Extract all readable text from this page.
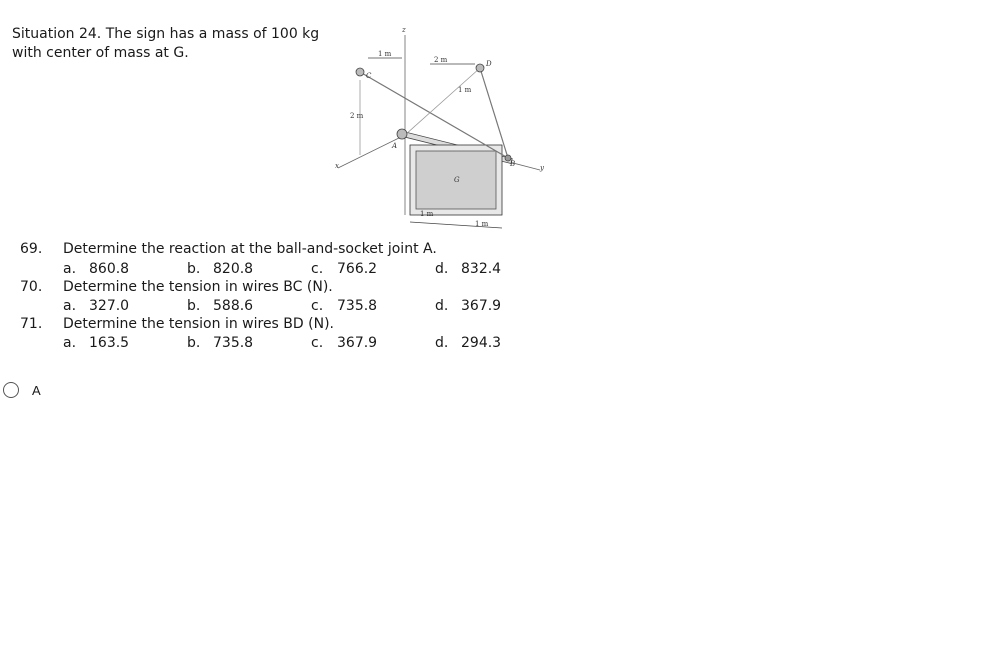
Situation 24. The sign has a mass of 100 kg
with center of mass at G.
z
x	y
A
B
C
D
G
1 m
2 m
2 m
1 m
1 m
1 m
69. Determine the reaction at the ball-and-socket joint A.
a. 860.8	b. 820.8	c. 766.2	d. 832.4
70. Determine the tension in wires BC (N).
a. 327.0	b. 588.6	c. 735.8	d. 367.9
71. Determine the tension in wires BD (N).
a. 163.5	b. 735.8	c. 367.9	d. 294.3
A
